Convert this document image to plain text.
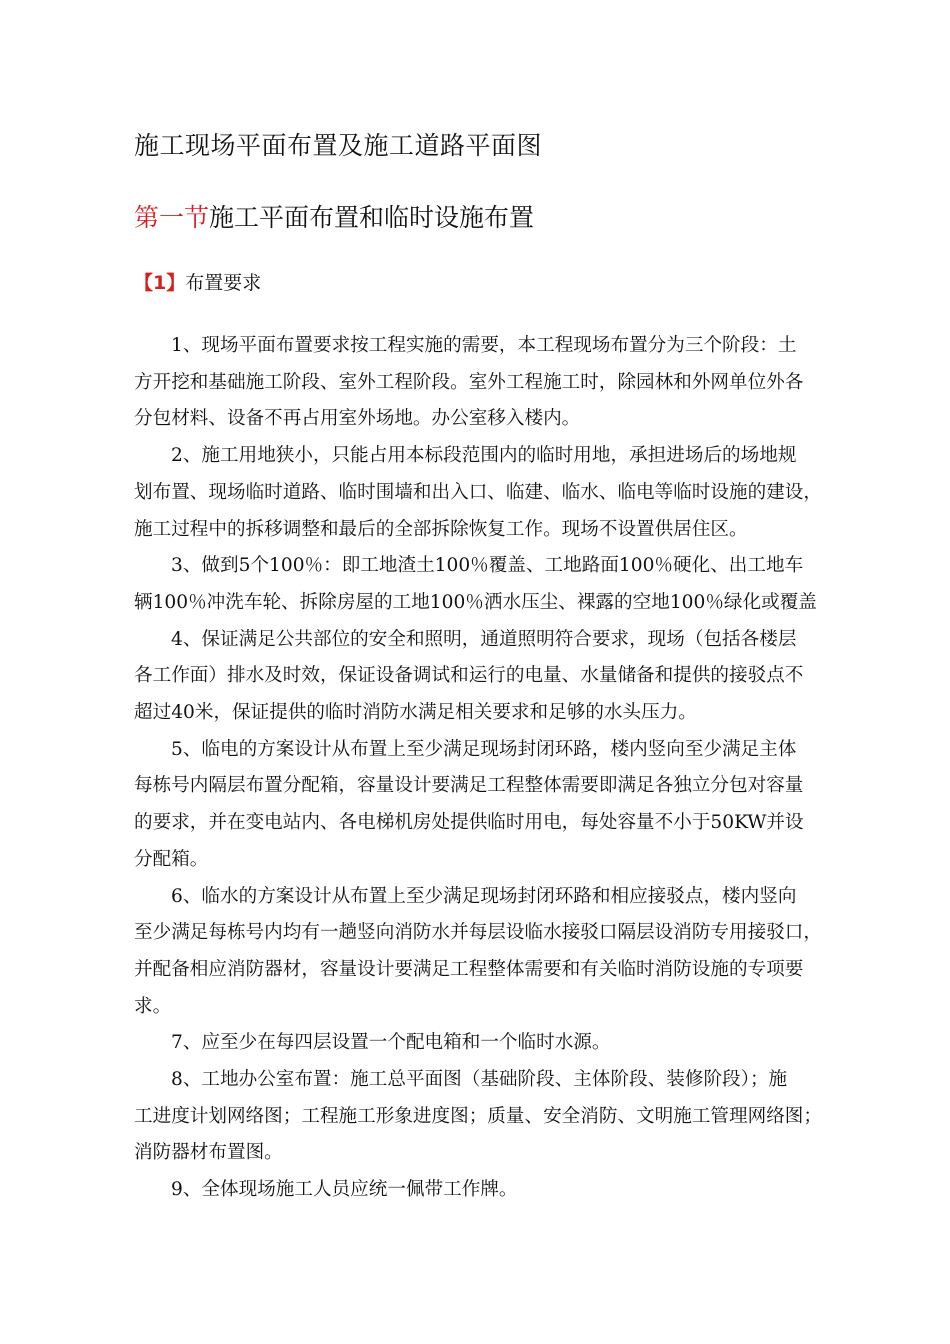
施工现场平面布置及施工道路平面图
第一节施工平面布置和临时设施布置
【1】布置要求

1、现场平面布置要求按工程实施的需要，本工程现场布置分为三个阶段：土
方开挖和基础施工阶段、室外工程阶段。室外工程施工时，除园林和外网单位外各
分包材料、设备不再占用室外场地。办公室移入楼内。

2、施工用地狭小，只能占用本标段范围内的临时用地，承担进场后的场地规
划布置、现场临时道路、临时围墙和出入口、临建、临水、临电等临时设施的建设，
施工过程中的拆移调整和最后的全部拆除恢复工作。现场不设置供居住区。

3、做到5个100％：即工地渣土100％覆盖、工地路面100％硬化、出工地车
辆100％冲洗车轮、拆除房屋的工地100％洒水压尘、裸露的空地100％绿化或覆盖

4、保证满足公共部位的安全和照明，通道照明符合要求，现场（包括各楼层
各工作面）排水及时效，保证设备调试和运行的电量、水量储备和提供的接驳点不
超过40米，保证提供的临时消防水满足相关要求和足够的水头压力。

5、临电的方案设计从布置上至少满足现场封闭环路，楼内竖向至少满足主体
每栋号内隔层布置分配箱，容量设计要满足工程整体需要即满足各独立分包对容量
的要求，并在变电站内、各电梯机房处提供临时用电，每处容量不小于50KW并设
分配箱。

6、临水的方案设计从布置上至少满足现场封闭环路和相应接驳点，楼内竖向
至少满足每栋号内均有一趟竖向消防水并每层设临水接驳口隔层设消防专用接驳口，
并配备相应消防器材，容量设计要满足工程整体需要和有关临时消防设施的专项要
求。

7、应至少在每四层设置一个配电箱和一个临时水源。

8、工地办公室布置：施工总平面图（基础阶段、主体阶段、装修阶段）；施
工进度计划网络图；工程施工形象进度图；质量、安全消防、文明施工管理网络图；
消防器材布置图。

9、全体现场施工人员应统一佩带工作牌。
